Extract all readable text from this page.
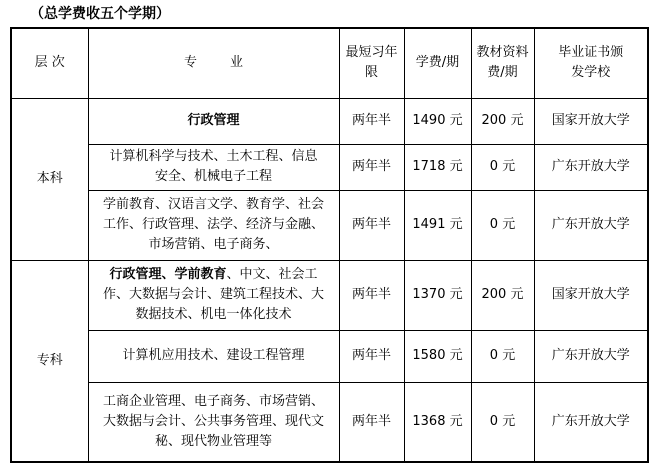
（总学费收五个学期）
层 次	专        业	最短习年限	学费/期	教材资料费/期	毕业证书颁发学校
本科	行政管理	两年半	1490 元	200 元	国家开放大学
	计算机科学与技术、土木工程、信息安全、机械电子工程	两年半	1718 元	0 元	广东开放大学
	学前教育、汉语言文学、教育学、社会工作、行政管理、法学、经济与金融、市场营销、电子商务、	两年半	1491 元	0 元	广东开放大学
专科	行政管理、学前教育、中文、社会工作、大数据与会计、建筑工程技术、大数据技术、机电一体化技术	两年半	1370 元	200 元	国家开放大学
	计算机应用技术、建设工程管理	两年半	1580 元	0 元	广东开放大学
	工商企业管理、电子商务、市场营销、大数据与会计、公共事务管理、现代文秘、现代物业管理等	两年半	1368 元	0 元	广东开放大学
